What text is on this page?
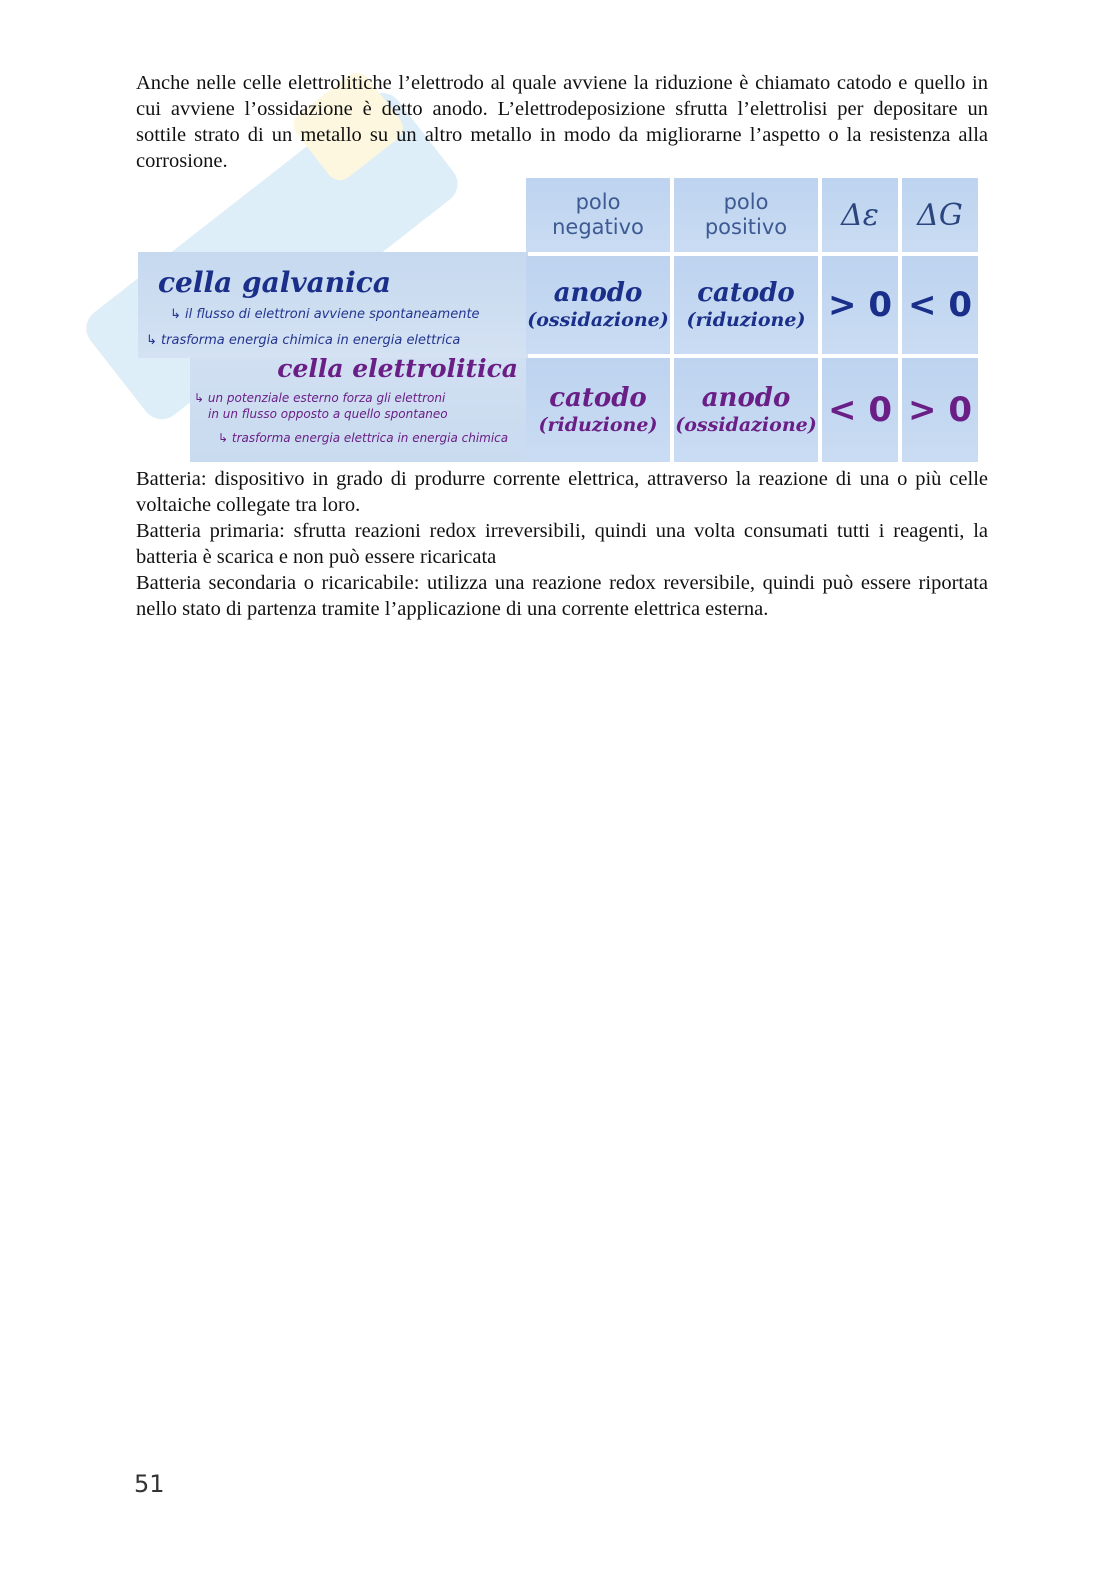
Anche nelle celle elettrolitiche l’elettrodo al quale avviene la riduzione è chiamato catodo e quello in cui avviene l’ossidazione è detto anodo. L’elettrodeposizione sfrutta l’elettrolisi per depositare un sottile strato di un metallo su un altro metallo in modo da migliorarne l’aspetto o la resistenza alla corrosione.

cella galvanica
↳ il flusso di elettroni avviene spontaneamente
↳ trasforma energia chimica in energia elettrica
cella elettrolitica
↳ un potenziale esterno forza gli elettroni
in un flusso opposto a quello spontaneo
↳ trasforma energia elettrica in energia chimica
polo negativo
polo positivo Δε ΔG
anodo
(ossidazione)
catodo
(riduzione) > 0 < 0
catodo
(riduzione)
anodo
(ossidazione) < 0 > 0
Batteria: dispositivo in grado di produrre corrente elettrica, attraverso la reazione di una o più celle voltaiche collegate tra loro.
Batteria primaria: sfrutta reazioni redox irreversibili, quindi una volta consumati tutti i reagenti, la batteria è scarica e non può essere ricaricata
Batteria secondaria o ricaricabile: utilizza una reazione redox reversibile, quindi può essere riportata nello stato di partenza tramite l’applicazione di una corrente elettrica esterna.
51
